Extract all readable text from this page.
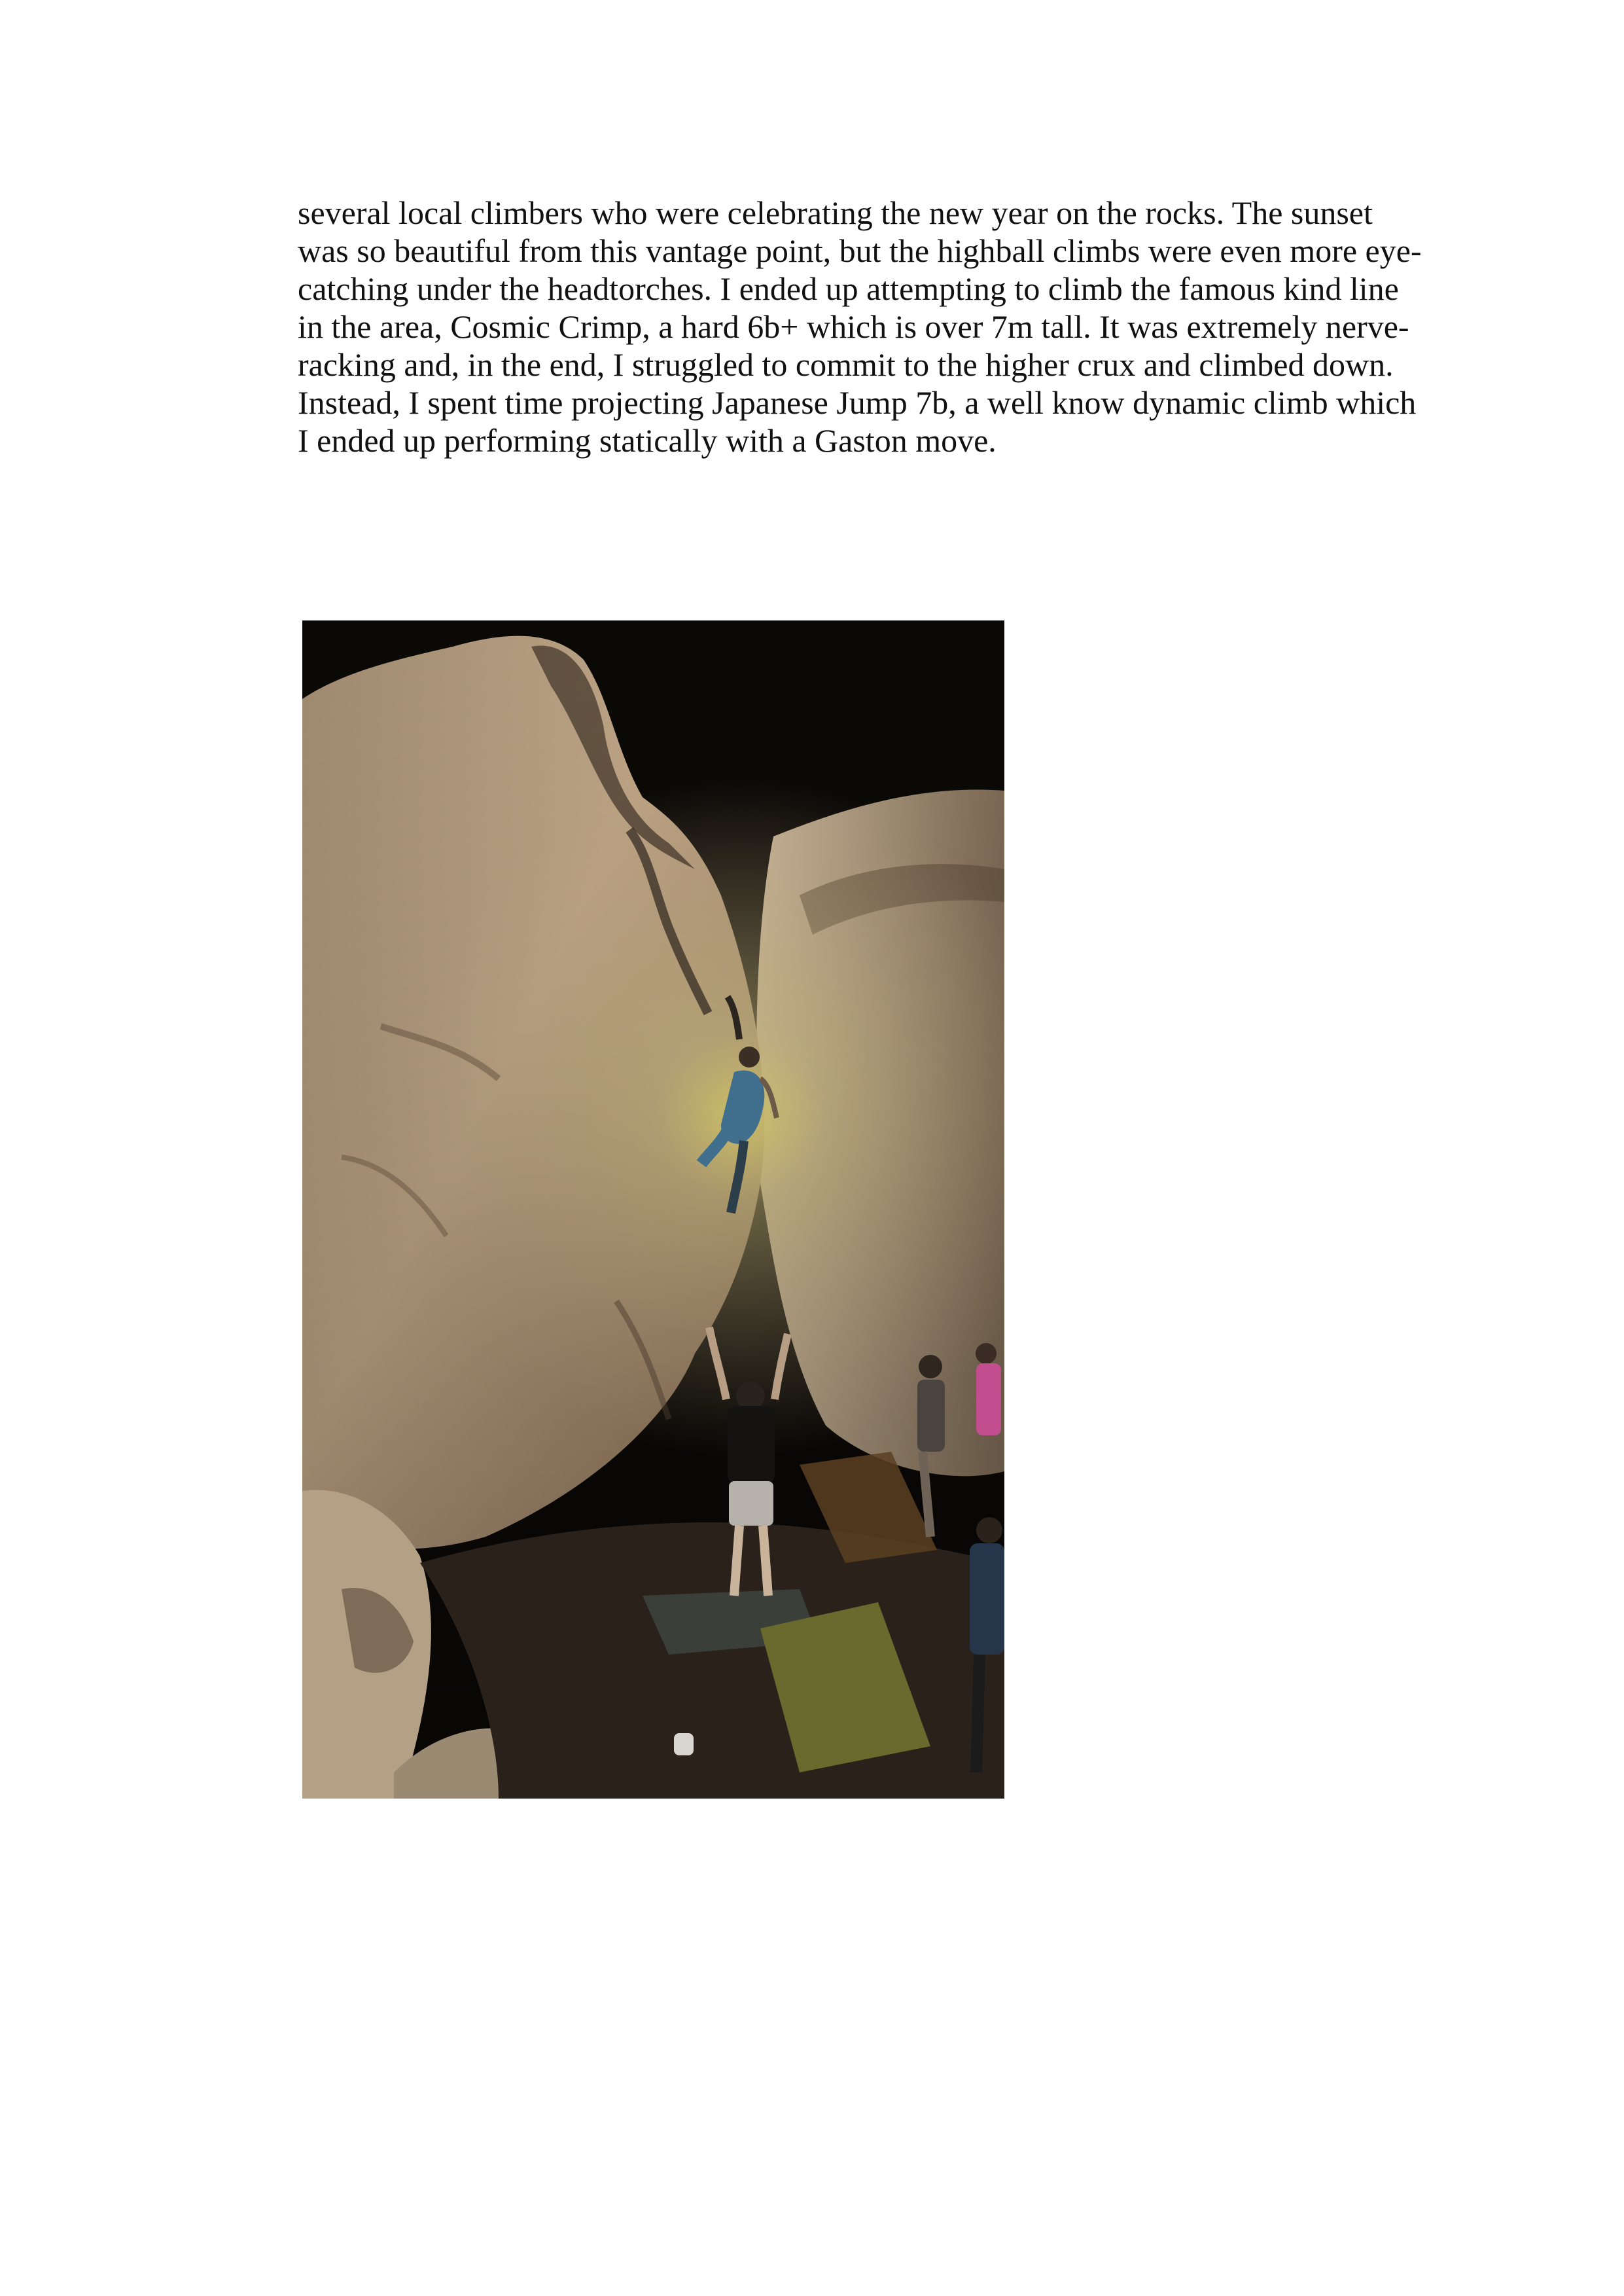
several local climbers who were celebrating the new year on the rocks. The sunset
was so beautiful from this vantage point, but the highball climbs were even more eye-
catching under the headtorches. I ended up attempting to climb the famous kind line
in the area, Cosmic Crimp, a hard 6b+ which is over 7m tall. It was extremely nerve-
racking and, in the end, I struggled to commit to the higher crux and climbed down.
Instead, I spent time projecting Japanese Jump 7b, a well know dynamic climb which
I ended up performing statically with a Gaston move.
